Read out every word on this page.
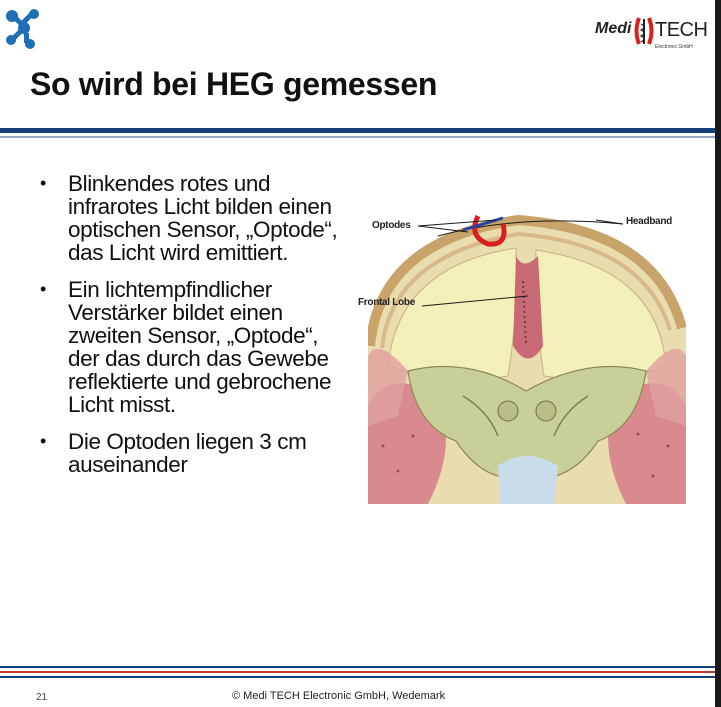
Medi TECH
Electronic GmbH
So wird bei HEG gemessen
• Blinkendes rotes und infrarotes Licht bilden einen optischen Sensor, „Optode“, das Licht wird emittiert.
• Ein lichtempfindlicher Verstärker bildet einen zweiten Sensor, „Optode“, der das durch das Gewebe reflektierte und gebrochene Licht misst.
• Die Optoden liegen 3 cm auseinander
Optodes	Headband
Frontal Lobe
21	© Medi TECH Electronic GmbH, Wedemark
